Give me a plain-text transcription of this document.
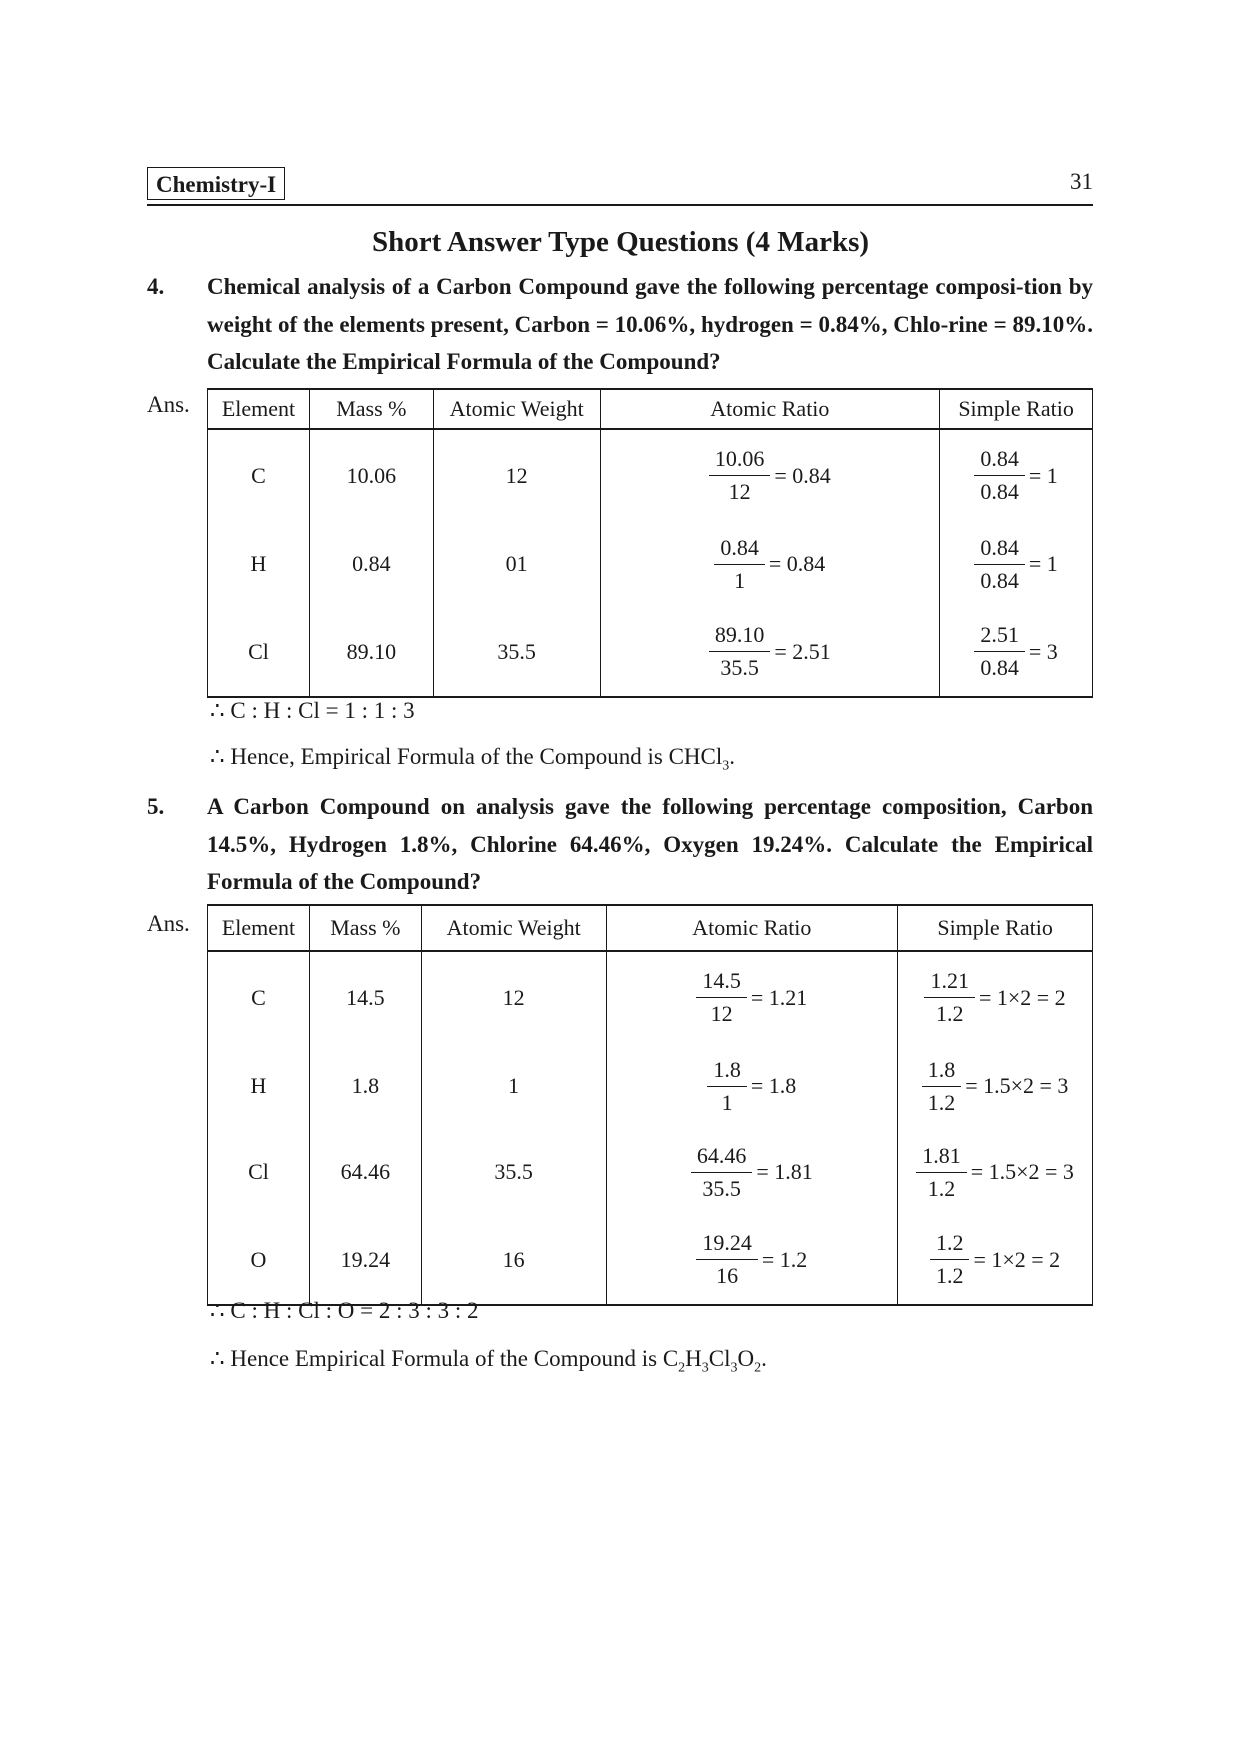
Chemistry-I	31
Short Answer Type Questions (4 Marks)
4. Chemical analysis of a Carbon Compound gave the following percentage composi-tion by weight of the elements present, Carbon = 10.06%, hydrogen = 0.84%, Chlo-rine = 89.10%. Calculate the Empirical Formula of the Compound?
Ans. Element	Mass %	Atomic Weight	Atomic Ratio	Simple Ratio
C	10.06	12	$\frac{10.06}{12} = 0.84$	$\frac{0.84}{0.84} = 1$

H	0.84	01	$\frac{0.84}{1} = 0.84$	$\frac{0.84}{0.84} = 1$

Cl	89.10	35.5	$\frac{89.10}{35.5} = 2.51$	$\frac{2.51}{0.84} = 3$
∴ C : H : Cl = 1 : 1 : 3
∴ Hence, Empirical Formula of the Compound is CHCl$_3$.
5. A Carbon Compound on analysis gave the following percentage composition, Carbon 14.5%, Hydrogen 1.8%, Chlorine 64.46%, Oxygen 19.24%. Calculate the Empirical Formula of the Compound?
Ans. Element	Mass %	Atomic Weight	Atomic Ratio	Simple Ratio
C	14.5	12	$\frac{14.5}{12} = 1.21$	$\frac{1.21}{1.2} = 1\times 2 = 2$

H	1.8	1	$\frac{1.8}{1} = 1.8$	$\frac{1.8}{1.2} = 1.5\times 2 = 3$

Cl	64.46	35.5	$\frac{64.46}{35.5} = 1.81$	$\frac{1.81}{1.2} = 1.5\times 2 = 3$

O	19.24	16	$\frac{19.24}{16} = 1.2$	$\frac{1.2}{1.2} = 1\times 2 = 2$
∴ C : H : Cl : O = 2 : 3 : 3 : 2
∴ Hence Empirical Formula of the Compound is $C_2H_3Cl_3O_2$.
